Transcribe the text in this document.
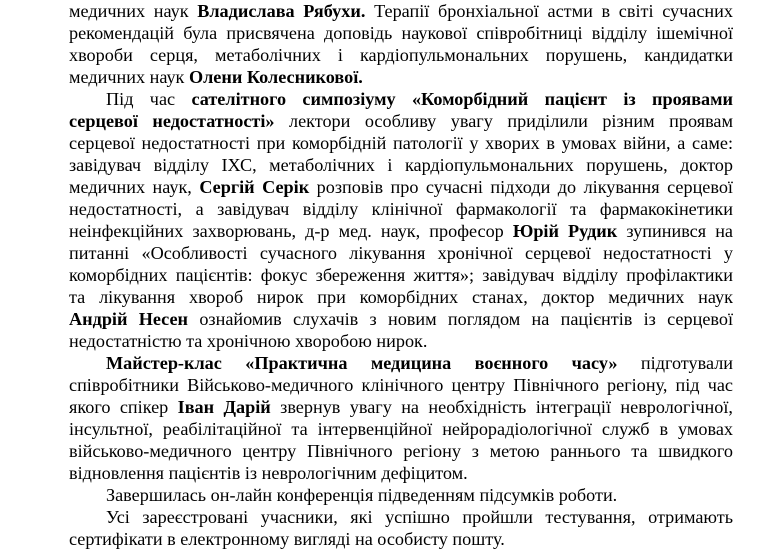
медичних наук Владислава Рябухи. Терапії бронхіальної астми в світі сучасних
рекомендацій була присвячена доповідь наукової співробітниці відділу ішемічної
хвороби серця, метаболічних і кардіопульмональних порушень, кандидатки
медичних наук Олени Колесникової.
Під час сателітного симпозіуму «Коморбідний пацієнт із проявами
серцевої недостатності» лектори особливу увагу приділили різним проявам
серцевої недостатності при коморбідній патології у хворих в умовах війни, а саме:
завідувач відділу ІХС, метаболічних і кардіопульмональних порушень, доктор
медичних наук, Сергій Серік розповів про сучасні підходи до лікування серцевої
недостатності, а завідувач відділу клінічної фармакології та фармакокінетики
неінфекційних захворювань, д-р мед. наук, професор Юрій Рудик зупинився на
питанні «Особливості сучасного лікування хронічної серцевої недостатності у
коморбідних пацієнтів: фокус збереження життя»; завідувач відділу профілактики
та лікування хвороб нирок при коморбідних станах, доктор медичних наук
Андрій Несен ознайомив слухачів з новим поглядом на пацієнтів із серцевої
недостатністю та хронічною хворобою нирок.
Майстер-клас «Практична медицина воєнного часу» підготували
співробітники Військово-медичного клінічного центру Північного регіону, під час
якого спікер Іван Дарій звернув увагу на необхідність інтеграції неврологічної,
інсультної, реабілітаційної та інтервенційної нейрорадіологічної служб в умовах
військово-медичного центру Північного регіону з метою раннього та швидкого
відновлення пацієнтів із неврологічним дефіцитом.
Завершилась он-лайн конференція підведенням підсумків роботи.
Усі зареєстровані учасники, які успішно пройшли тестування, отримають
сертифікати в електронному вигляді на особисту пошту.
